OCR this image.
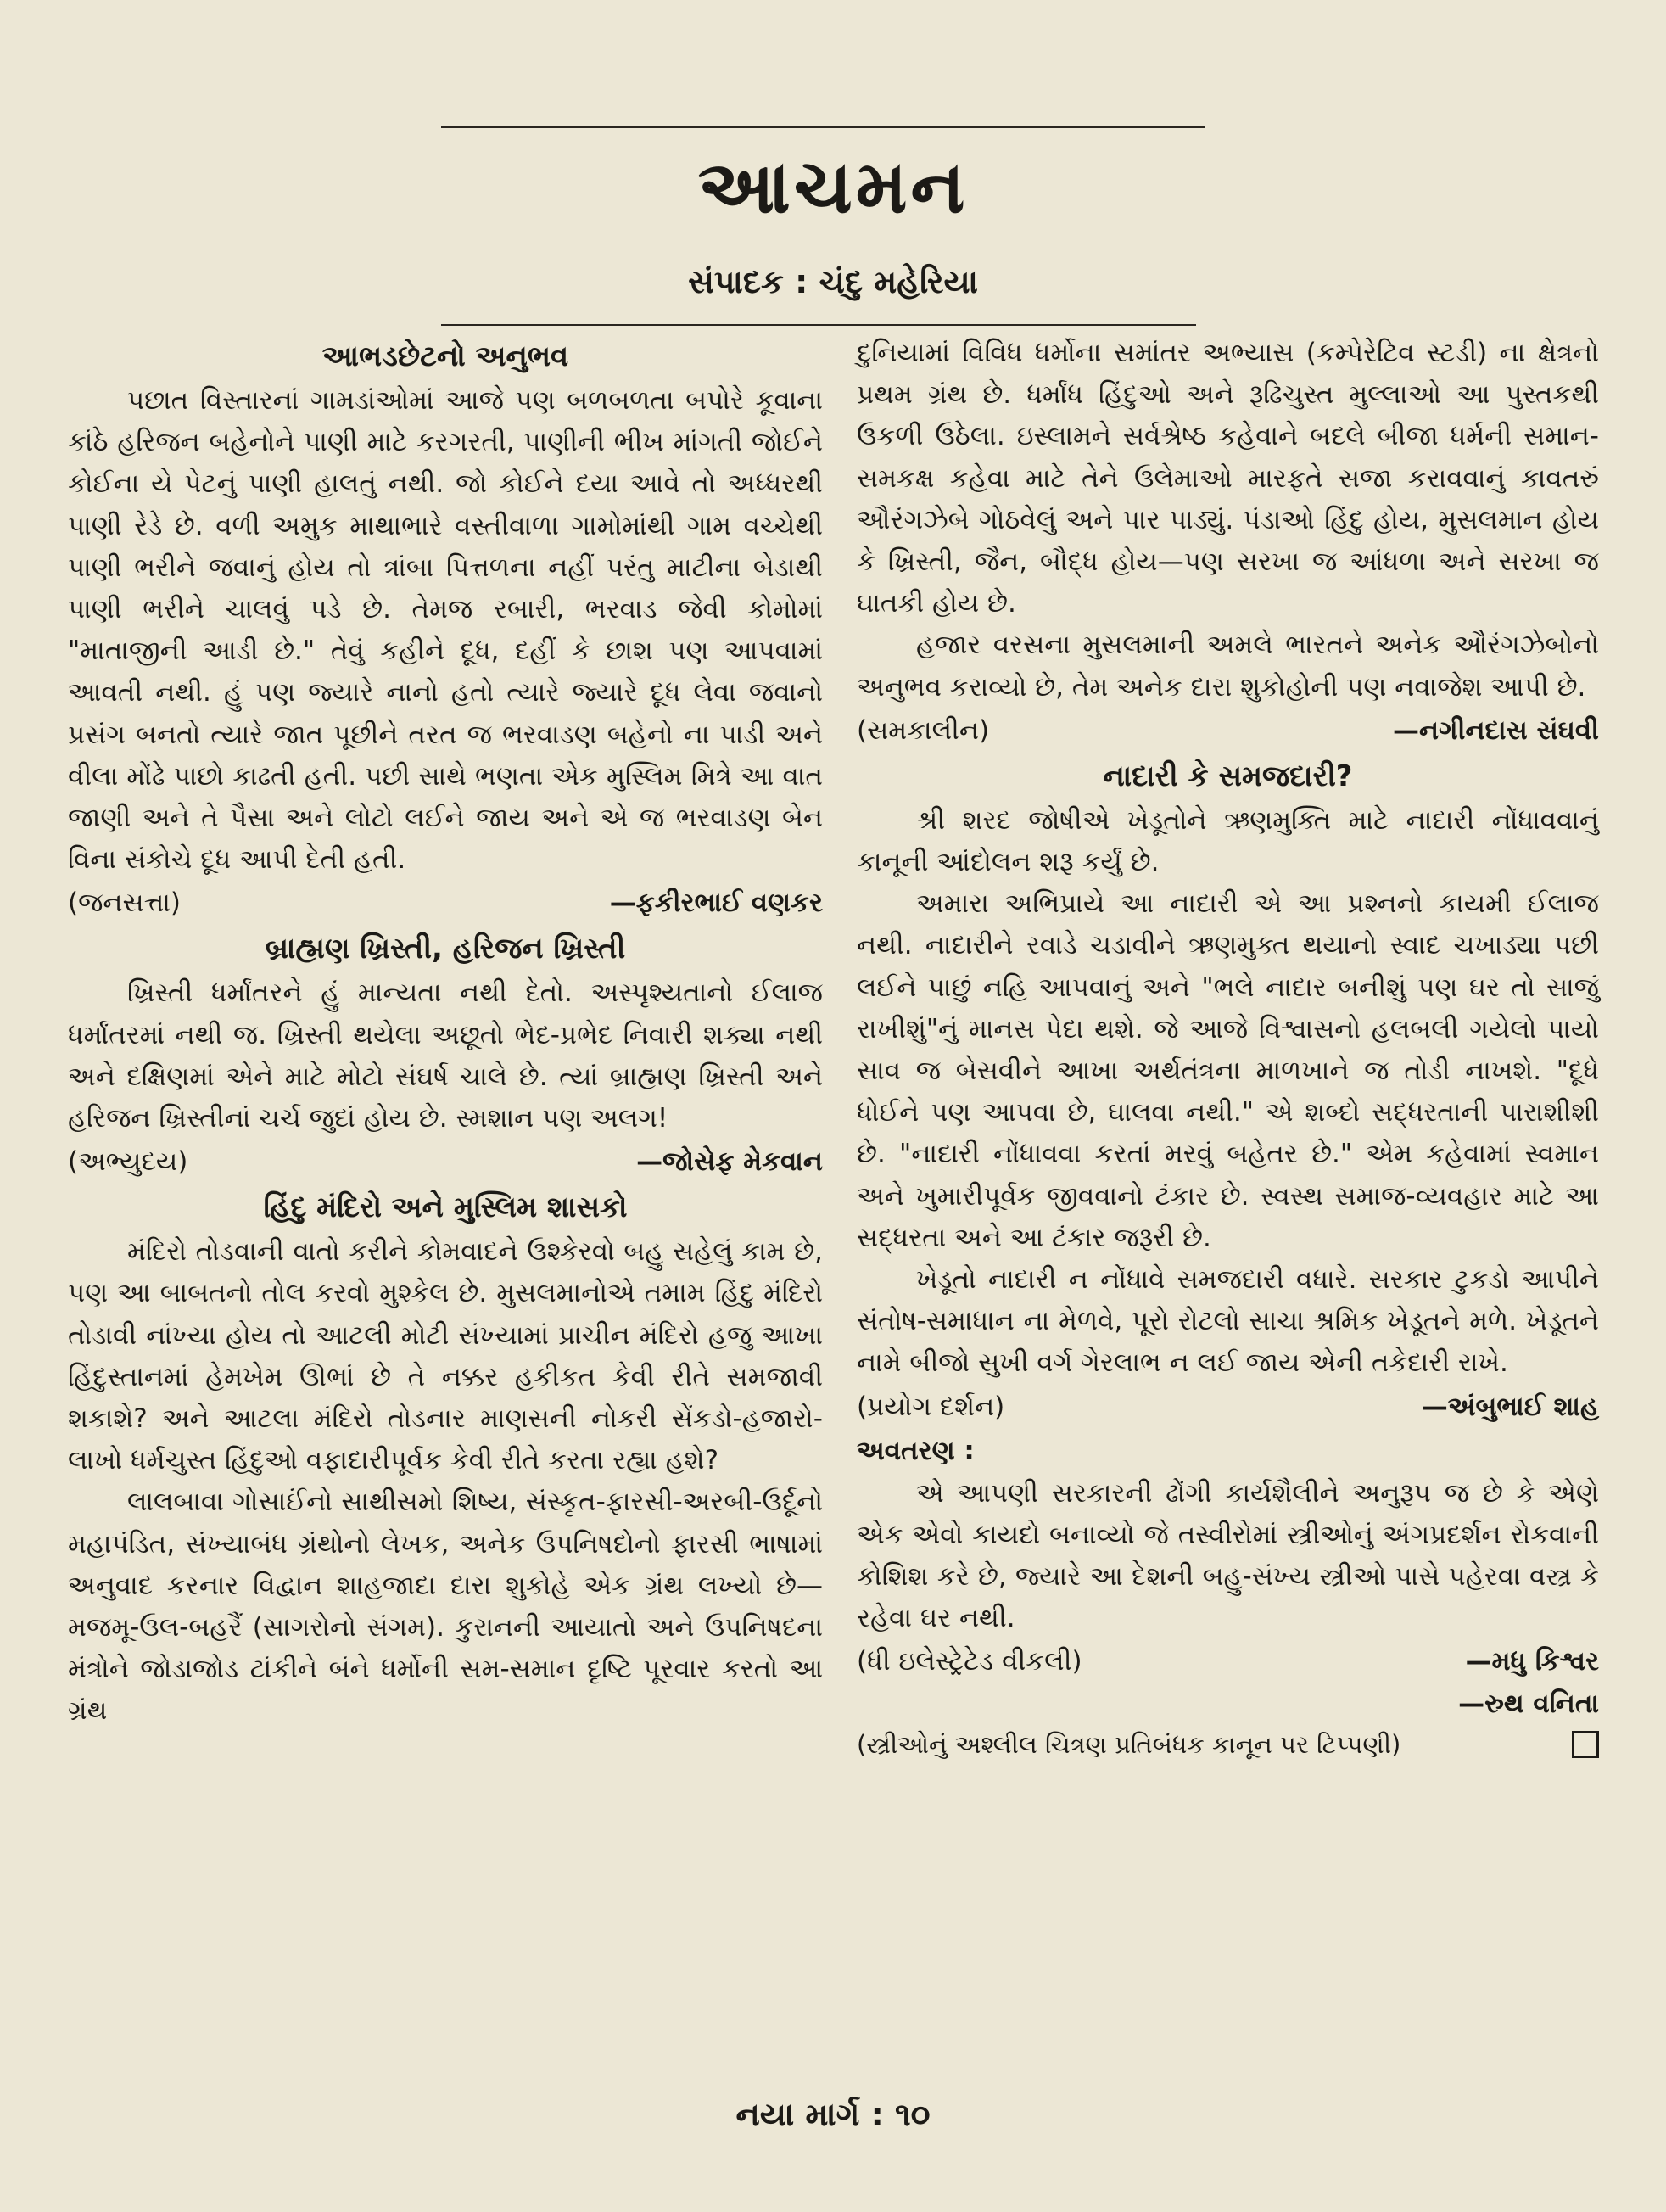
આચમન
સંપાદક : ચંદુ મહેરિયા
આભડછેટનો અનુભવ

પછાત વિસ્તારનાં ગામડાંઓમાં આજે પણ બળબળતા બપોરે કૂવાના કાંઠે હરિજન બહેનોને પાણી માટે કરગરતી, પાણીની ભીખ માંગતી જોઈને કોઈના યે પેટનું પાણી હાલતું નથી. જો કોઈને દયા આવે તો અધ્ધરથી પાણી રેડે છે. વળી અમુક માથાભારે વસ્તીવાળા ગામોમાંથી ગામ વચ્ચેથી પાણી ભરીને જવાનું હોય તો ત્રાંબા પિત્તળના નહીં પરંતુ માટીના બેડાથી પાણી ભરીને ચાલવું પડે છે. તેમજ રબારી, ભરવાડ જેવી કોમોમાં "માતાજીની આડી છે." તેવું કહીને દૂધ, દહીં કે છાશ પણ આપવામાં આવતી નથી. હું પણ જ્યારે નાનો હતો ત્યારે જ્યારે દૂધ લેવા જવાનો પ્રસંગ બનતો ત્યારે જાત પૂછીને તરત જ ભરવાડણ બહેનો ના પાડી અને વીલા મોંઢે પાછો કાઢતી હતી. પછી સાથે ભણતા એક મુસ્લિમ મિત્રે આ વાત જાણી અને તે પૈસા અને લોટો લઈને જાય અને એ જ ભરવાડણ બેન વિના સંકોચે દૂધ આપી દેતી હતી.

(જનસત્તા)	—ફકીરભાઈ વણકર
બ્રાહ્મણ ખ્રિસ્તી, હરિજન ખ્રિસ્તી

ખ્રિસ્તી ધર્માંતરને હું માન્યતા નથી દેતો. અસ્પૃશ્યતાનો ઈલાજ ધર્માંતરમાં નથી જ. ખ્રિસ્તી થયેલા અછૂતો ભેદ-પ્રભેદ નિવારી શક્યા નથી અને દક્ષિણમાં એને માટે મોટો સંઘર્ષ ચાલે છે. ત્યાં બ્રાહ્મણ ખ્રિસ્તી અને હરિજન ખ્રિસ્તીનાં ચર્ચ જુદાં હોય છે. સ્મશાન પણ અલગ!

(અભ્યુદય)	—જોસેફ મેકવાન
હિંદુ મંદિરો અને મુસ્લિમ શાસકો

મંદિરો તોડવાની વાતો કરીને કોમવાદને ઉશ્કેરવો બહુ સહેલું કામ છે, પણ આ બાબતનો તોલ કરવો મુશ્કેલ છે. મુસલમાનોએ તમામ હિંદુ મંદિરો તોડાવી નાંખ્યા હોય તો આટલી મોટી સંખ્યામાં પ્રાચીન મંદિરો હજુ આખા હિંદુસ્તાનમાં હેમખેમ ઊભાં છે તે નક્કર હકીકત કેવી રીતે સમજાવી શકાશે? અને આટલા મંદિરો તોડનાર માણસની નોકરી સેંકડો-હજારો-લાખો ધર્મચુસ્ત હિંદુઓ વફાદારીપૂર્વક કેવી રીતે કરતા રહ્યા હશે?

લાલબાવા ગોસાઈંનો સાથીસમો શિષ્ય, સંસ્કૃત-ફારસી-અરબી-ઉર્દૂનો મહાપંડિત, સંખ્યાબંધ ગ્રંથોનો લેખક, અનેક ઉપનિષદોનો ફારસી ભાષામાં અનુવાદ કરનાર વિદ્વાન શાહજાદા દારા શુકોહે એક ગ્રંથ લખ્યો છે—મજમૂ-ઉલ-બહરૈં (સાગરોનો સંગમ). કુરાનની આયાતો અને ઉપનિષદના મંત્રોને જોડાજોડ ટાંકીને બંને ધર્મોની સમ-સમાન દૃષ્ટિ પૂરવાર કરતો આ ગ્રંથ

દુનિયામાં વિવિધ ધર્મોના સમાંતર અભ્યાસ (કમ્પેરેટિવ સ્ટડી) ના ક્ષેત્રનો પ્રથમ ગ્રંથ છે. ધર્માંધ હિંદુઓ અને રૂઢિચુસ્ત મુલ્લાઓ આ પુસ્તકથી ઉકળી ઉઠેલા. ઇસ્લામને સર્વશ્રેષ્ઠ કહેવાને બદલે બીજા ધર્મની સમાન-સમકક્ષ કહેવા માટે તેને ઉલેમાઓ મારફતે સજા કરાવવાનું કાવતરું ઔરંગઝેબે ગોઠવેલું અને પાર પાડ્યું. પંડાઓ હિંદુ હોય, મુસલમાન હોય કે ખ્રિસ્તી, જૈન, બૌદ્ધ હોય—પણ સરખા જ આંધળા અને સરખા જ ઘાતકી હોય છે.

હજાર વરસના મુસલમાની અમલે ભારતને અનેક ઔરંગઝેબોનો અનુભવ કરાવ્યો છે, તેમ અનેક દારા શુકોહોની પણ નવાજેશ આપી છે.

(સમકાલીન)	—નગીનદાસ સંઘવી
નાદારી કે સમજદારી?

શ્રી શરદ જોષીએ ખેડૂતોને ઋણમુક્તિ માટે નાદારી નોંધાવવાનું કાનૂની આંદોલન શરૂ કર્યું છે.

અમારા અભિપ્રાયે આ નાદારી એ આ પ્રશ્નનો કાયમી ઈલાજ નથી. નાદારીને રવાડે ચડાવીને ઋણમુક્ત થયાનો સ્વાદ ચખાડ્યા પછી લઈને પાછું નહિ આપવાનું અને "ભલે નાદાર બનીશું પણ ઘર તો સાજું રાખીશું"નું માનસ પેદા થશે. જે આજે વિશ્વાસનો હલબલી ગયેલો પાયો સાવ જ બેસવીને આખા અર્થતંત્રના માળખાને જ તોડી નાખશે. "દૂધે ધોઈને પણ આપવા છે, ઘાલવા નથી." એ શબ્દો સદ્ધરતાની પારાશીશી છે. "નાદારી નોંધાવવા કરતાં મરવું બહેતર છે." એમ કહેવામાં સ્વમાન અને ખુમારીપૂર્વક જીવવાનો ટંકાર છે. સ્વસ્થ સમાજ-વ્યવહાર માટે આ સદ્ધરતા અને આ ટંકાર જરૂરી છે.

ખેડૂતો નાદારી ન નોંધાવે સમજદારી વધારે. સરકાર ટુકડો આપીને સંતોષ-સમાધાન ના મેળવે, પૂરો રોટલો સાચા શ્રમિક ખેડૂતને મળે. ખેડૂતને નામે બીજો સુખી વર્ગ ગેરલાભ ન લઈ જાય એની તકેદારી રાખે.

(પ્રયોગ દર્શન)	—અંબુભાઈ શાહ
અવતરણ :

એ આપણી સરકારની ઢોંગી કાર્યશૈલીને અનુરૂપ જ છે કે એણે એક એવો કાયદો બનાવ્યો જે તસ્વીરોમાં સ્ત્રીઓનું અંગપ્રદર્શન રોકવાની કોશિશ કરે છે, જ્યારે આ દેશની બહુ-સંખ્ય સ્ત્રીઓ પાસે પહેરવા વસ્ત્ર કે રહેવા ઘર નથી.

(ધી ઇલેસ્ટ્રેટેડ વીકલી)	—મધુ કિશ્વર
—રુથ વનિતા
(સ્ત્રીઓનું અશ્લીલ ચિત્રણ પ્રતિબંધક કાનૂન પર ટિપ્પણી)
નયા માર્ગ : ૧૦
